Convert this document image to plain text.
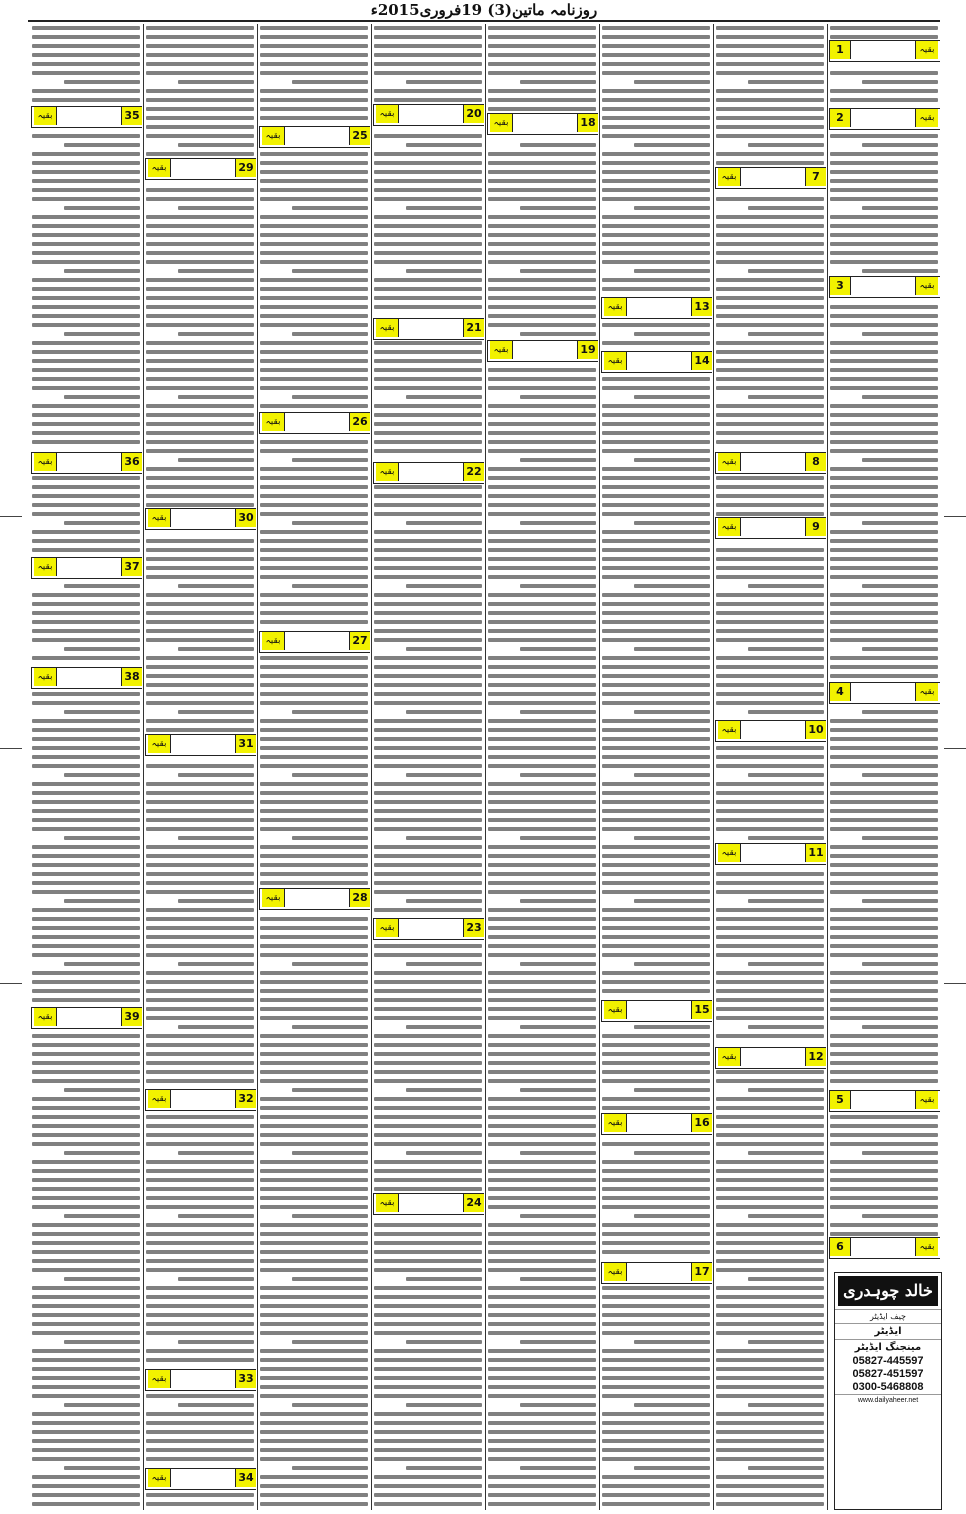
روزنامہ ماتین(3) 19فروری2015ء
1	بقیہ
2	بقیہ
3	بقیہ
4	بقیہ
5	بقیہ
6	بقیہ
7
بقیہ
8
بقیہ
9
بقیہ
10
بقیہ
11
بقیہ
12
بقیہ
13
بقیہ
14
بقیہ
15
بقیہ
16
بقیہ
17
بقیہ
18
بقیہ
19
بقیہ
20
بقیہ
21
بقیہ
22
بقیہ
23
بقیہ
24
بقیہ
25
بقیہ
26
بقیہ
27
بقیہ
28
بقیہ
29
بقیہ
30
بقیہ
31
بقیہ
32
بقیہ
33
بقیہ
34
بقیہ
35
بقیہ
36
بقیہ
37
بقیہ
38
بقیہ
39
بقیہ
خالد چوہدری
چیف ایڈیٹر
ایڈیٹر
مینجنگ ایڈیٹر
05827-445597
05827-451597
0300-5468808
www.dailyaheer.net
